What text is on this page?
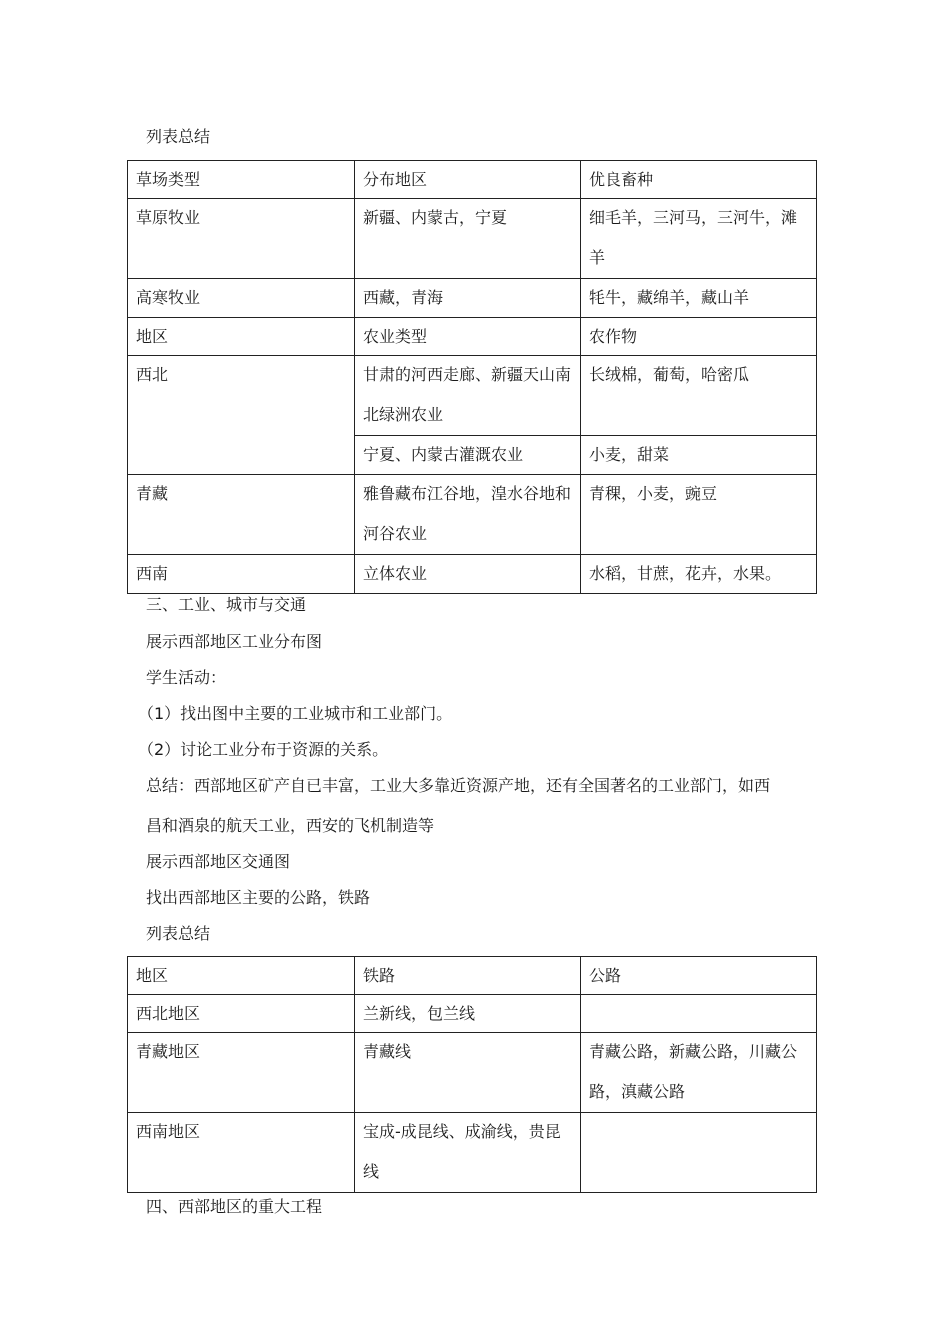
列表总结
草场类型	分布地区	优良畜种

草原牧业	新疆、内蒙古，宁夏	细毛羊，三河马，三河牛，滩羊

高寒牧业	西藏，青海	牦牛，藏绵羊，藏山羊
地区	农业类型	农作物

西北	甘肃的河西走廊、新疆天山南北绿洲农业	长绒棉，葡萄，哈密瓜

	宁夏、内蒙古灌溉农业	小麦，甜菜

青藏	雅鲁藏布江谷地，湟水谷地和河谷农业	青稞，小麦，豌豆

西南	立体农业	水稻，甘蔗，花卉，水果。
三、工业、城市与交通
展示西部地区工业分布图
学生活动：
（1）找出图中主要的工业城市和工业部门。
（2）讨论工业分布于资源的关系。
总结：西部地区矿产自已丰富，工业大多靠近资源产地，还有全国著名的工业部门，如西
昌和酒泉的航天工业，西安的飞机制造等
展示西部地区交通图
找出西部地区主要的公路，铁路
列表总结
地区	铁路	公路
西北地区	兰新线，包兰线	

青藏地区	青藏线	青藏公路，新藏公路，川藏公路，滇藏公路

西南地区	宝成-成昆线、成渝线，贵昆线	

四、西部地区的重大工程
